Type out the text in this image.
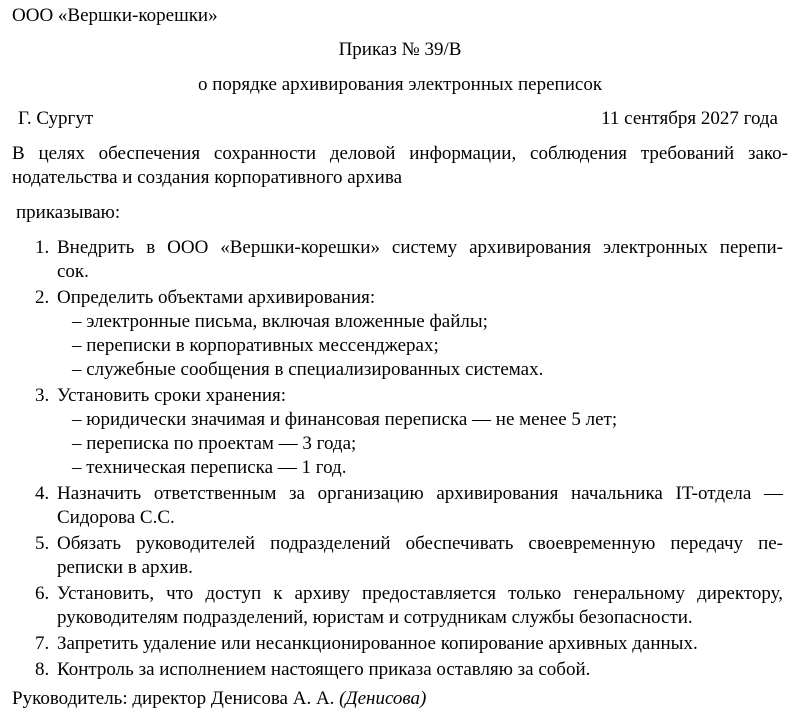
ООО «Вершки-корешки»
Приказ № 39/В
о порядке архивирования электронных переписок
Г. Сургут	11 сентября 2027 года
В целях обеспечения сохранности деловой информации, соблюдения требований зако-
нодательства и создания корпоративного архива
приказываю:
1. Внедрить в ООО «Вершки-корешки» систему архивирования электронных перепи-
сок.
2. Определить объектами архивирования:
– электронные письма, включая вложенные файлы;
– переписки в корпоративных мессенджерах;
– служебные сообщения в специализированных системах.
3. Установить сроки хранения:
– юридически значимая и финансовая переписка — не менее 5 лет;
– переписка по проектам — 3 года;
– техническая переписка — 1 год.
4. Назначить ответственным за организацию архивирования начальника IT-отдела —
Сидорова С.С.
5. Обязать руководителей подразделений обеспечивать своевременную передачу пе-
реписки в архив.
6. Установить, что доступ к архиву предоставляется только генеральному директору,
руководителям подразделений, юристам и сотрудникам службы безопасности.
7. Запретить удаление или несанкционированное копирование архивных данных.
8. Контроль за исполнением настоящего приказа оставляю за собой.
Руководитель: директор Денисова А. А. (Денисова)
